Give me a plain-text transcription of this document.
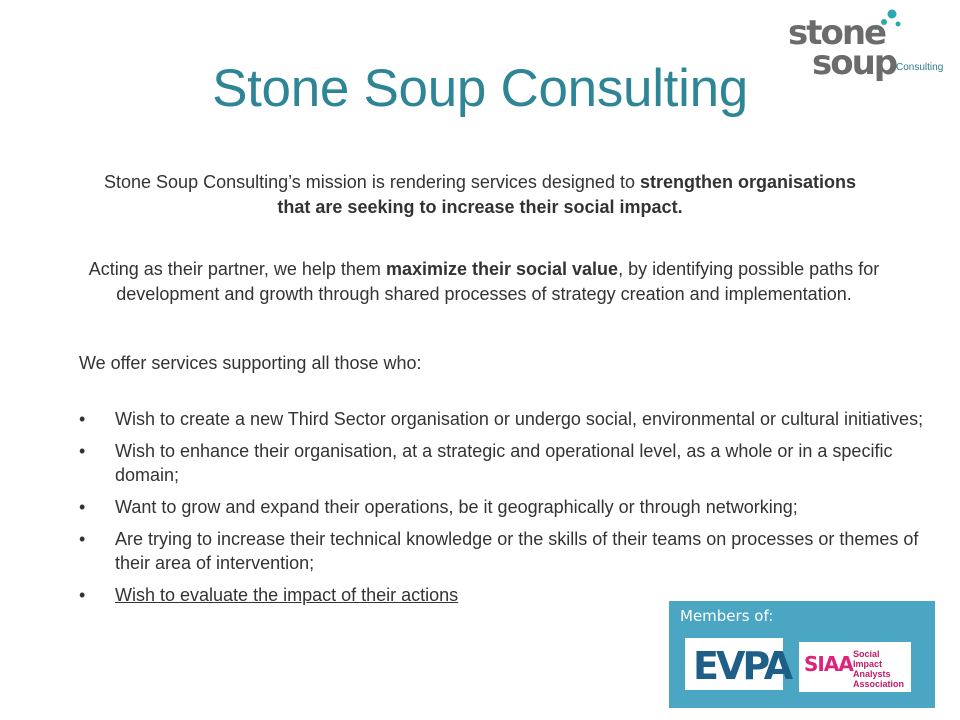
stone
soup Consulting
Stone Soup Consulting

Stone Soup Consulting’s mission is rendering services designed to strengthen organisations that are seeking to increase their social impact.

Acting as their partner, we help them maximize their social value, by identifying possible paths for development and growth through shared processes of strategy creation and implementation.

We offer services supporting all those who:

• Wish to create a new Third Sector organisation or undergo social, environmental or cultural initiatives;
• Wish to enhance their organisation, at a strategic and operational level, as a whole or in a specific domain;
• Want to grow and expand their operations, be it geographically or through networking;
• Are trying to increase their technical knowledge or the skills of their teams on processes or themes of their area of intervention;
• Wish to evaluate the impact of their actions
Members of:
EVPA SIAA Social Impact
Analysts
Association
